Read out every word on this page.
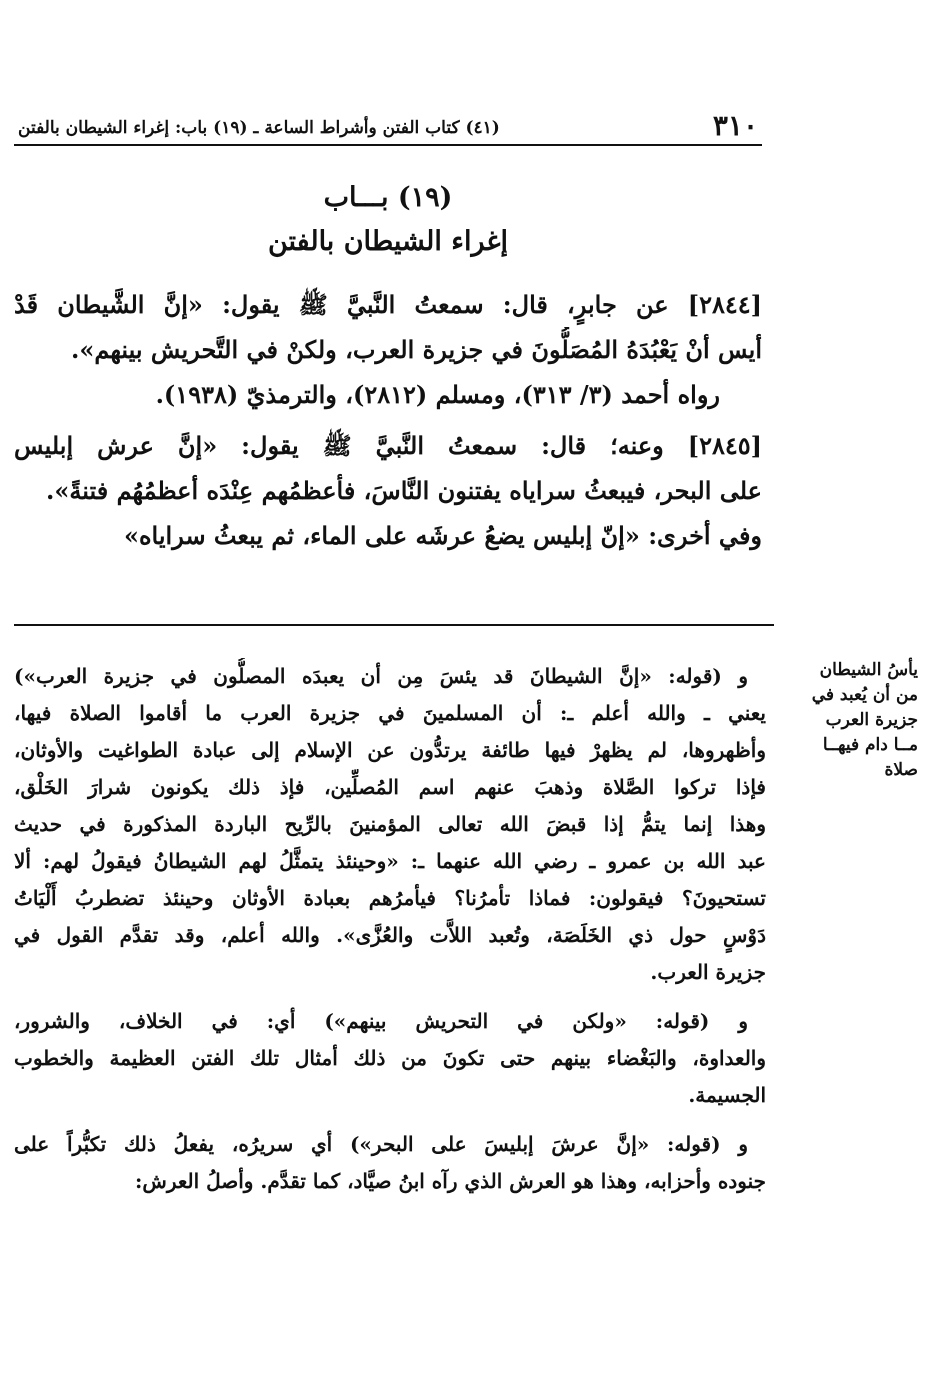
٣١٠
(٤١) كتاب الفتن وأشراط الساعة ـ (١٩) باب: إغراء الشيطان بالفتن
(١٩) بـــاب
إغراء الشيطان بالفتن

[٢٨٤٤] عن جابرٍ، قال: سمعتُ النَّبيَّ ﷺ يقول: «إنَّ الشَّيطان قَدْ
أيس أنْ يَعْبُدَهُ المُصَلُّونَ في جزيرة العرب، ولكنْ في التَّحريش بينهم».
رواه أحمد (٣/ ٣١٣)، ومسلم (٢٨١٢)، والترمذيّ (١٩٣٨).

[٢٨٤٥] وعنه؛ قال: سمعتُ النَّبيَّ ﷺ يقول: «إنَّ عرش إبليس
على البحر، فيبعثُ سراياه يفتنون النَّاسَ، فأعظمُهم عِنْدَه أعظمُهُم فتنةً».
وفي أخرى: «إنّ إبليس يضعُ عرشَه على الماء، ثم يبعثُ سراياه»

يأسُ الشيطان
من أن يُعبد في
جزيرة العرب
مــا دام فيهــا
صلاة

و (قوله: «إنَّ الشيطانَ قد يئسَ مِن أن يعبدَه المصلُّون في جزيرة العرب»)
يعني ـ والله أعلم ـ: أن المسلمينَ في جزيرة العرب ما أقاموا الصلاة فيها،
وأظهروها، لم يظهرْ فيها طائفة يرتدُّون عن الإسلام إلى عبادة الطواغيت والأوثان،
فإذا تركوا الصَّلاة وذهبَ عنهم اسم المُصلِّين، فإذ ذلك يكونون شرارَ الخَلْق،
وهذا إنما يتمُّ إذا قبضَ الله تعالى المؤمنينَ بالرِّيح الباردة المذكورة في حديث
عبد الله بن عمرو ـ رضي الله عنهما ـ: «وحينئذ يتمثَّلُ لهم الشيطانُ فيقولُ لهم: ألا
تستحيونَ؟ فيقولون: فماذا تأمرُنا؟ فيأمرُهم بعبادة الأوثان وحينئذ تضطربُ أَلْيَاتُ
دَوْسٍ حول ذي الخَلَصَة، وتُعبد اللاَّت والعُزَّى». والله أعلم، وقد تقدَّم القول في
جزيرة العرب.

و (قوله: «ولكن في التحريش بينهم») أي: في الخلاف، والشرور،
والعداوة، والبَغْضاء بينهم حتى تكونَ من ذلك أمثال تلك الفتن العظيمة والخطوب
الجسيمة.

و (قوله: «إنَّ عرشَ إبليسَ على البحر») أي سريرُه، يفعلُ ذلك تكبُّراً على
جنوده وأحزابه، وهذا هو العرش الذي رآه ابنُ صيَّاد، كما تقدَّم. وأصلُ العرش:
